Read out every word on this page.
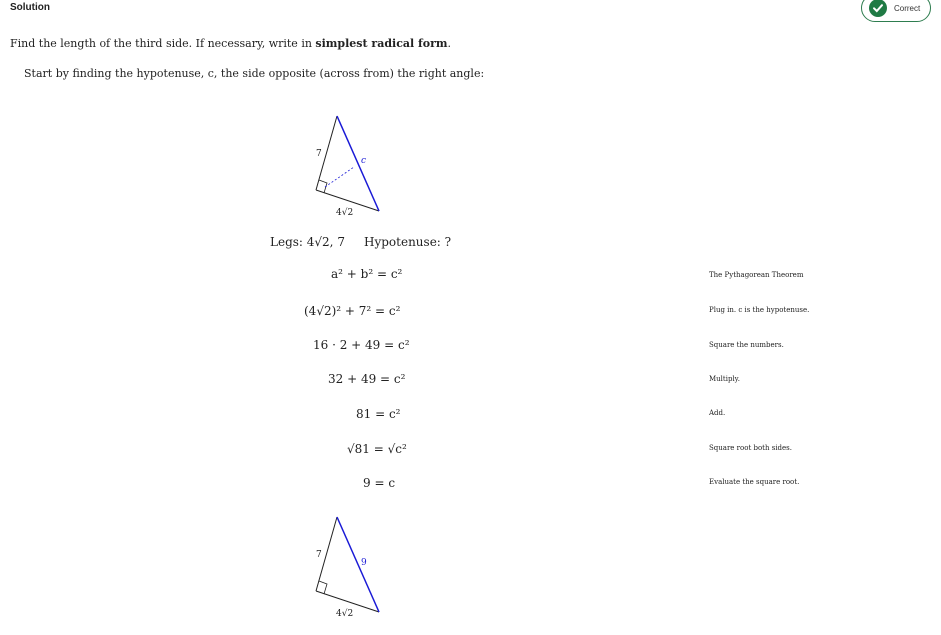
Solution	Correct
Find the length of the third side. If necessary, write in simplest radical form.
Start by finding the hypotenuse, c, the side opposite (across from) the right angle:
7
4√2
c
Legs: 4√2, 7 Hypotenuse: ?
a² + b² = c²	The Pythagorean Theorem
(4√2)² + 7² = c²	Plug in. c is the hypotenuse.
16 · 2 + 49 = c²	Square the numbers.
32 + 49 = c²	Multiply.
81 = c²	Add.
√81 = √c²	Square root both sides.
9 = c	Evaluate the square root.
7
4√2
9
